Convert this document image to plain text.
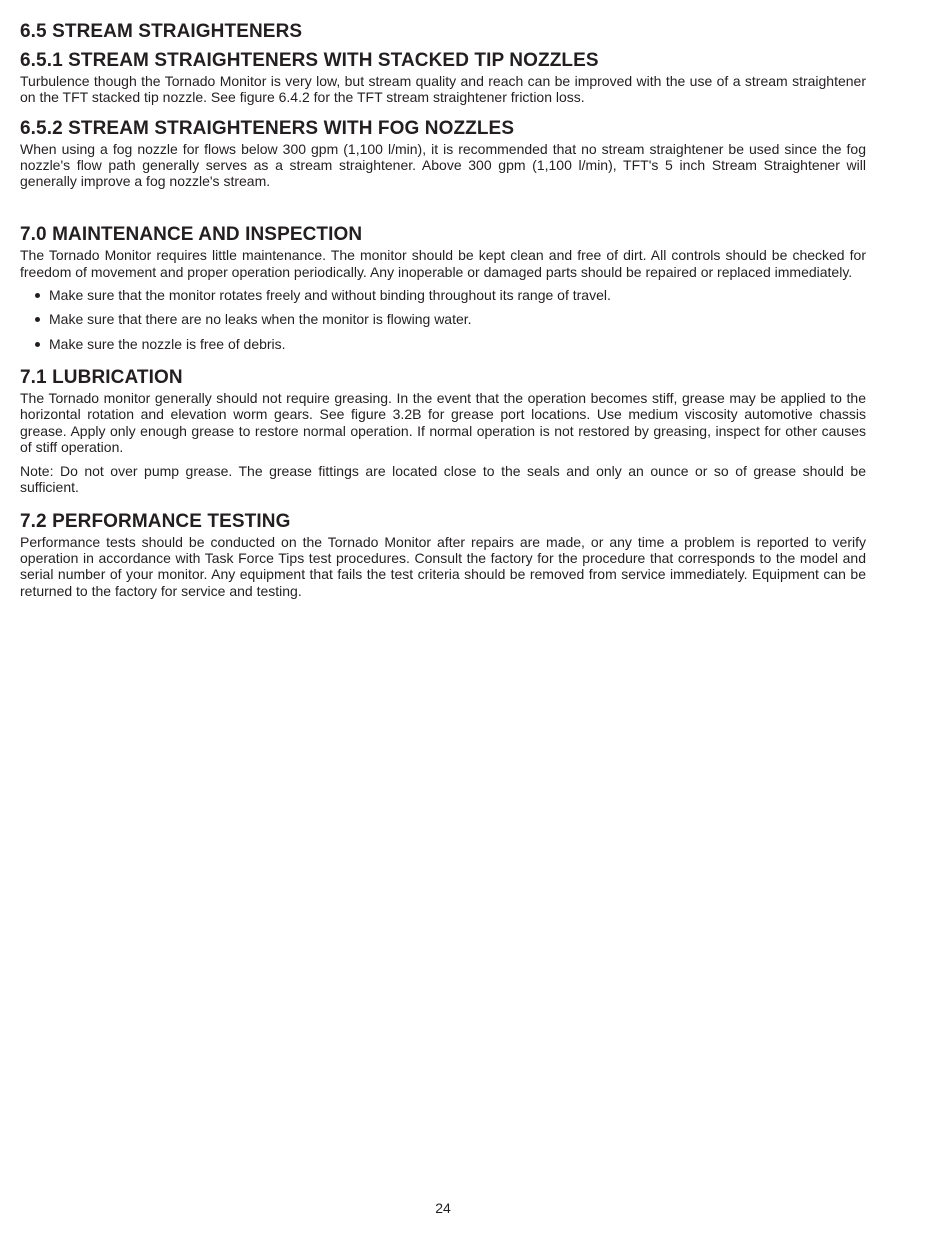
6.5 STREAM STRAIGHTENERS
6.5.1 STREAM STRAIGHTENERS WITH STACKED TIP NOZZLES

Turbulence though the Tornado Monitor is very low, but stream quality and reach can be improved with the use of a stream straightener on the TFT stacked tip nozzle. See figure 6.4.2 for the TFT stream straightener friction loss.

6.5.2 STREAM STRAIGHTENERS WITH FOG NOZZLES

When using a fog nozzle for flows below 300 gpm (1,100 l/min), it is recommended that no stream straightener be used since the fog nozzle's flow path generally serves as a stream straightener. Above 300 gpm (1,100 l/min), TFT's 5 inch Stream Straightener will generally improve a fog nozzle's stream.

7.0 MAINTENANCE AND INSPECTION

The Tornado Monitor requires little maintenance. The monitor should be kept clean and free of dirt. All controls should be checked for freedom of movement and proper operation periodically. Any inoperable or damaged parts should be repaired or replaced immediately.

Make sure that the monitor rotates freely and without binding throughout its range of travel.
Make sure that there are no leaks when the monitor is flowing water.
Make sure the nozzle is free of debris.
7.1 LUBRICATION

The Tornado monitor generally should not require greasing. In the event that the operation becomes stiff, grease may be applied to the horizontal rotation and elevation worm gears. See figure 3.2B for grease port locations. Use medium viscosity automotive chassis grease. Apply only enough grease to restore normal operation. If normal operation is not restored by greasing, inspect for other causes of stiff operation.

Note: Do not over pump grease. The grease fittings are located close to the seals and only an ounce or so of grease should be sufficient.

7.2 PERFORMANCE TESTING

Performance tests should be conducted on the Tornado Monitor after repairs are made, or any time a problem is reported to verify operation in accordance with Task Force Tips test procedures. Consult the factory for the procedure that corresponds to the model and serial number of your monitor. Any equipment that fails the test criteria should be removed from service immediately. Equipment can be returned to the factory for service and testing.

24
